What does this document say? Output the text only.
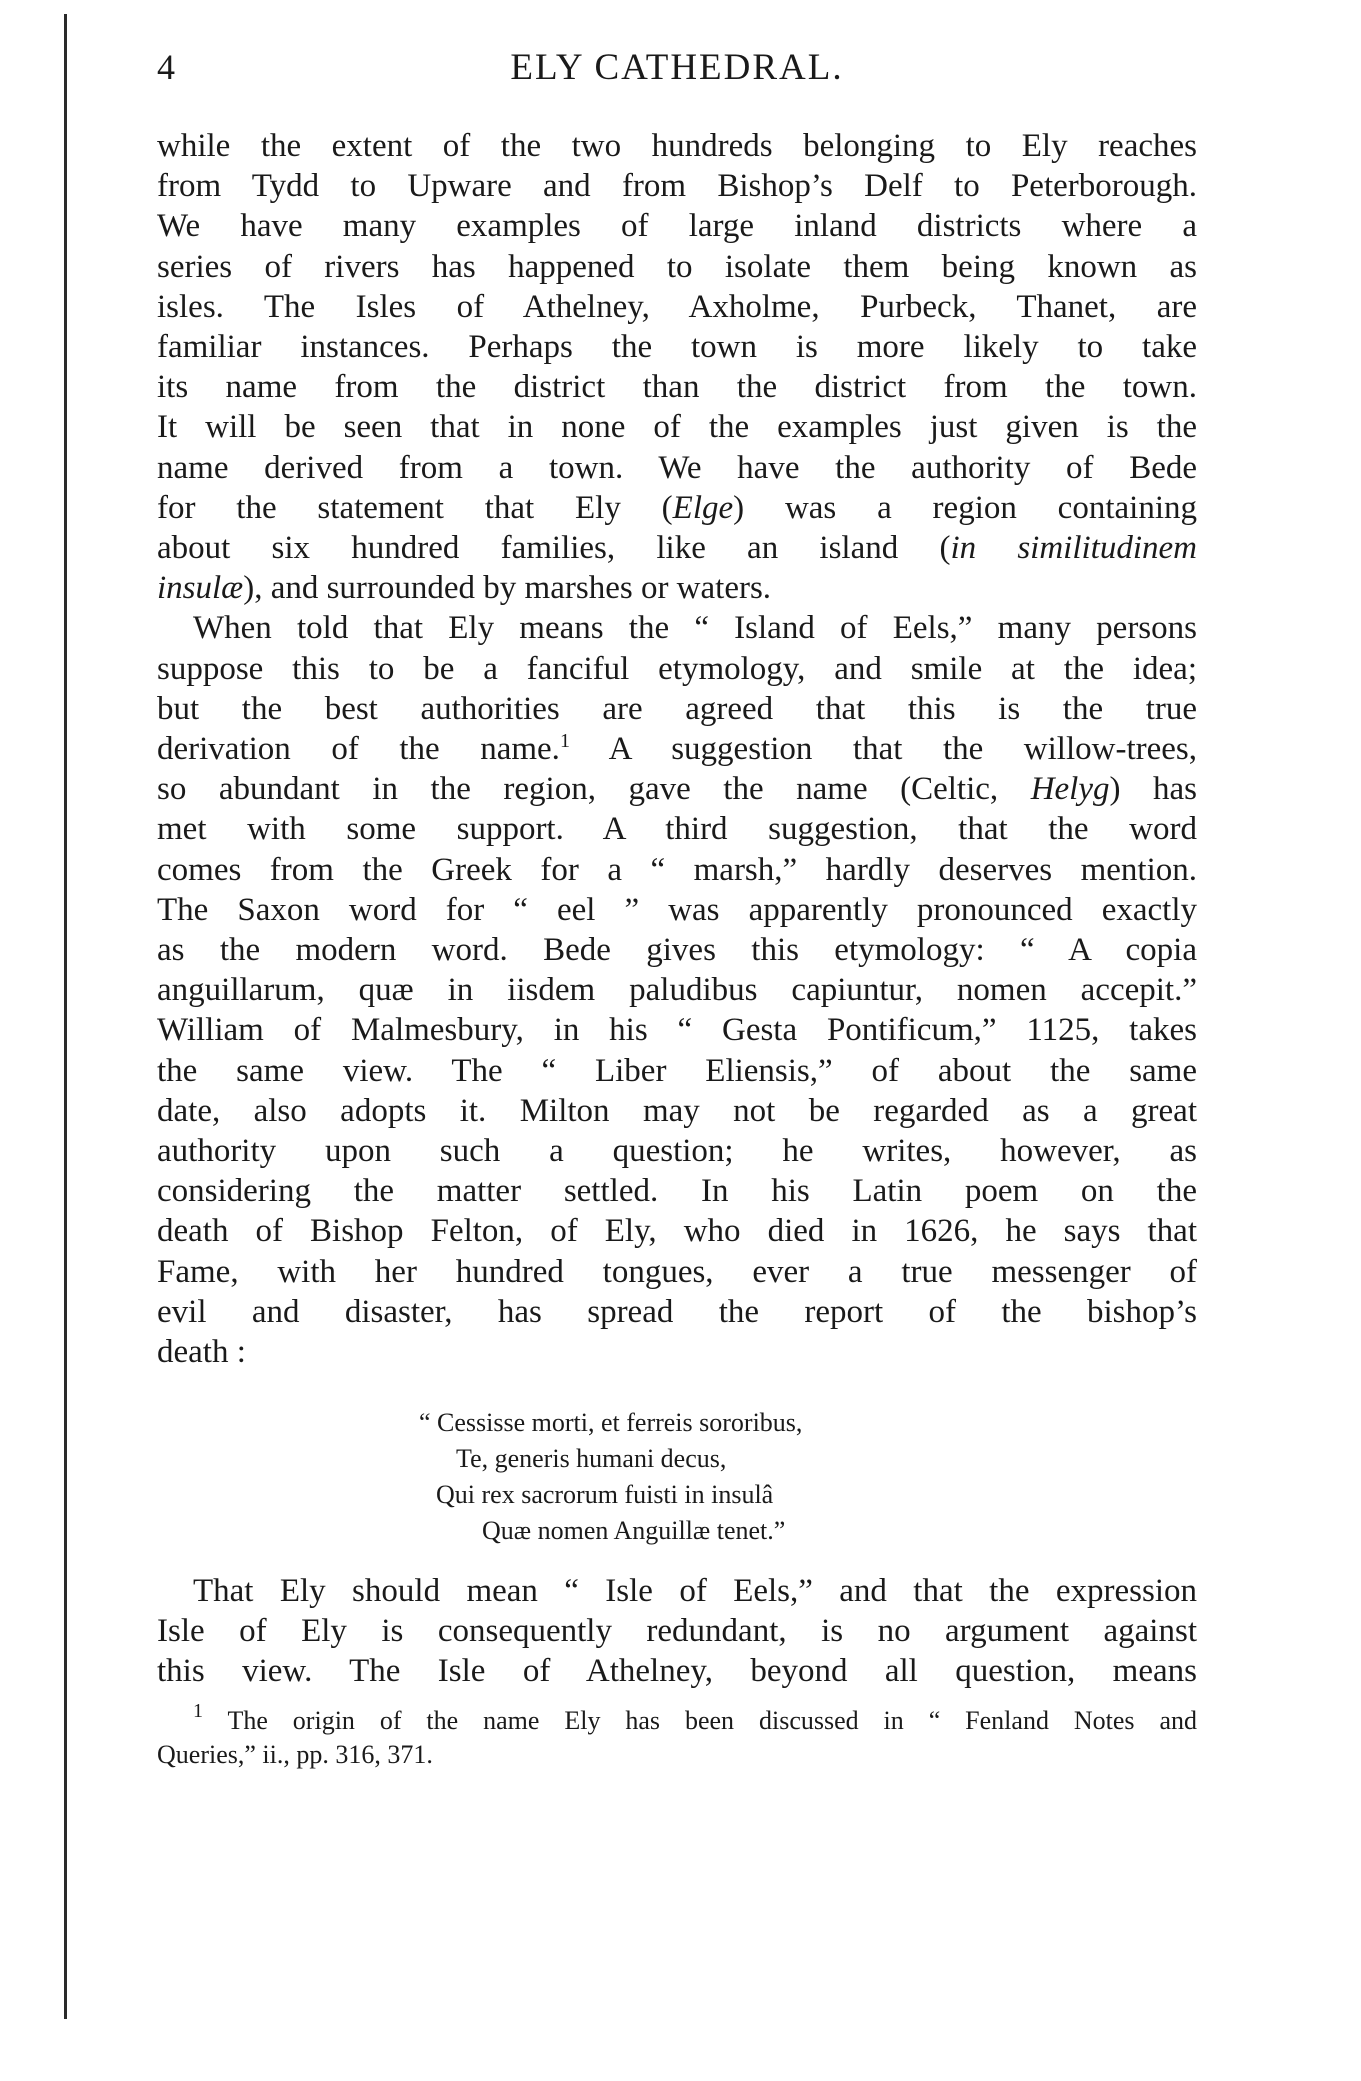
4	ELY CATHEDRAL.
while the extent of the two hundreds belonging to Ely reaches
from Tydd to Upware and from Bishop’s Delf to Peterborough.
We have many examples of large inland districts where a
series of rivers has happened to isolate them being known as
isles. The Isles of Athelney, Axholme, Purbeck, Thanet, are
familiar instances. Perhaps the town is more likely to take
its name from the district than the district from the town.
It will be seen that in none of the examples just given is the
name derived from a town. We have the authority of Bede
for the statement that Ely (Elge) was a region containing
about six hundred families, like an island (in similitudinem
insulæ), and surrounded by marshes or waters.
When told that Ely means the “ Island of Eels,” many persons
suppose this to be a fanciful etymology, and smile at the idea;
but the best authorities are agreed that this is the true
derivation of the name.$^1$ A suggestion that the willow-trees,
so abundant in the region, gave the name (Celtic, Helyg) has
met with some support. A third suggestion, that the word
comes from the Greek for a “ marsh,” hardly deserves mention.
The Saxon word for “ eel ” was apparently pronounced exactly
as the modern word. Bede gives this etymology: “ A copia
anguillarum, quæ in iisdem paludibus capiuntur, nomen accepit.”
William of Malmesbury, in his “ Gesta Pontificum,” 1125, takes
the same view. The “ Liber Eliensis,” of about the same
date, also adopts it. Milton may not be regarded as a great
authority upon such a question; he writes, however, as
considering the matter settled. In his Latin poem on the
death of Bishop Felton, of Ely, who died in 1626, he says that
Fame, with her hundred tongues, ever a true messenger of
evil and disaster, has spread the report of the bishop’s
death :
“ Cessisse morti, et ferreis sororibus,
Te, generis humani decus,
Qui rex sacrorum fuisti in insulâ
Quæ nomen Anguillæ tenet.”
That Ely should mean “ Isle of Eels,” and that the expression
Isle of Ely is consequently redundant, is no argument against
this view. The Isle of Athelney, beyond all question, means
$^1$ The origin of the name Ely has been discussed in “ Fenland Notes and
Queries,” ii., pp. 316, 371.
